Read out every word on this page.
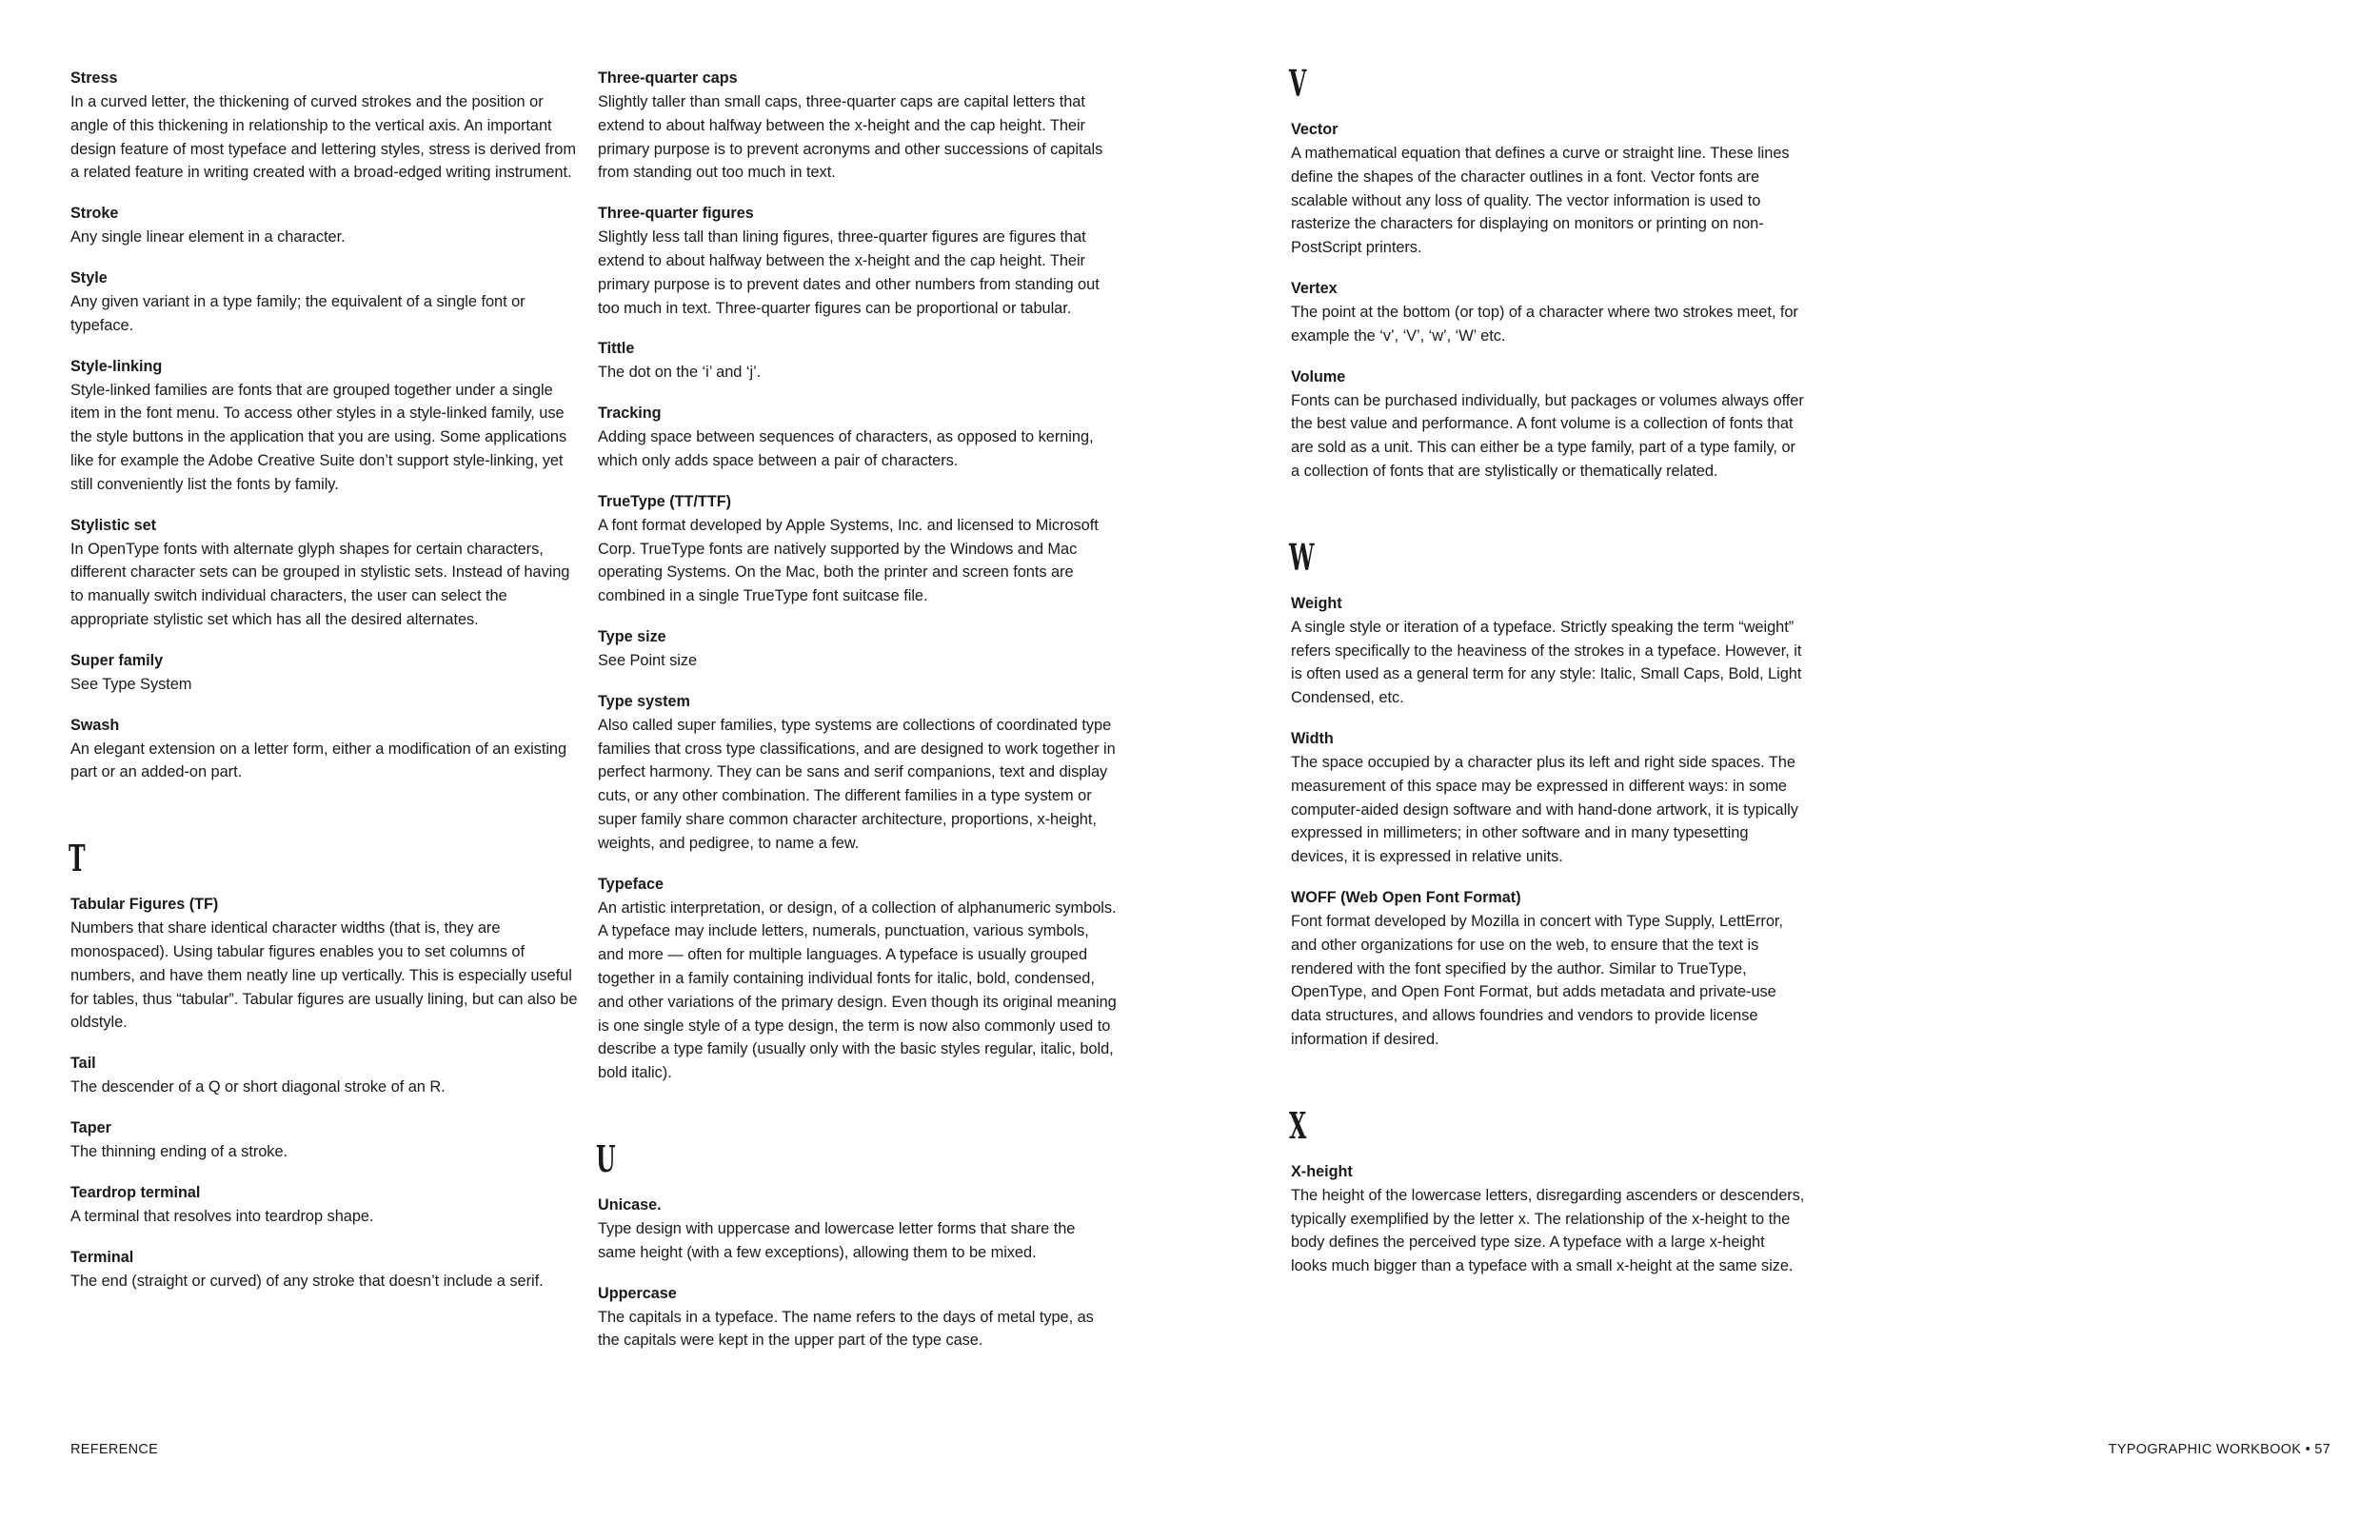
Stress
In a curved letter, the thickening of curved strokes and the position or angle of this thickening in relationship to the vertical axis. An important design feature of most typeface and lettering styles, stress is derived from a related feature in writing created with a broad-edged writing instrument.
Stroke
Any single linear element in a character.
Style
Any given variant in a type family; the equivalent of a single font or typeface.
Style-linking
Style-linked families are fonts that are grouped together under a single item in the font menu. To access other styles in a style-linked family, use the style buttons in the application that you are using. Some applications like for example the Adobe Creative Suite don’t support style-linking, yet still conveniently list the fonts by family.
Stylistic set
In OpenType fonts with alternate glyph shapes for certain characters, different character sets can be grouped in stylistic sets. Instead of having to manually switch individual characters, the user can select the appropriate stylistic set which has all the desired alternates.
Super family
See Type System
Swash
An elegant extension on a letter form, either a modification of an existing part or an added-on part.
T
Tabular Figures (TF)
Numbers that share identical character widths (that is, they are monospaced). Using tabular figures enables you to set columns of numbers, and have them neatly line up vertically. This is especially useful for tables, thus “tabular”. Tabular figures are usually lining, but can also be oldstyle.
Tail
The descender of a Q or short diagonal stroke of an R.
Taper
The thinning ending of a stroke.
Teardrop terminal
A terminal that resolves into teardrop shape.
Terminal
The end (straight or curved) of any stroke that doesn’t include a serif.
Three-quarter caps
Slightly taller than small caps, three-quarter caps are capital letters that extend to about halfway between the x-height and the cap height. Their primary purpose is to prevent acronyms and other successions of capitals from standing out too much in text.
Three-quarter figures
Slightly less tall than lining figures, three-quarter figures are figures that extend to about halfway between the x-height and the cap height. Their primary purpose is to prevent dates and other numbers from standing out too much in text. Three-quarter figures can be proportional or tabular.
Tittle
The dot on the ‘i’ and ‘j’.
Tracking
Adding space between sequences of characters, as opposed to kerning, which only adds space between a pair of characters.
TrueType (TT/TTF)
A font format developed by Apple Systems, Inc. and licensed to Microsoft Corp. TrueType fonts are natively supported by the Windows and Mac operating Systems. On the Mac, both the printer and screen fonts are combined in a single TrueType font suitcase file.
Type size
See Point size
Type system
Also called super families, type systems are collections of coordinated type families that cross type classifications, and are designed to work together in perfect harmony. They can be sans and serif companions, text and display cuts, or any other combination. The different families in a type system or super family share common character architecture, proportions, x-height, weights, and pedigree, to name a few.
Typeface
An artistic interpretation, or design, of a collection of alphanumeric symbols. A typeface may include letters, numerals, punctuation, various symbols, and more — often for multiple languages. A typeface is usually grouped together in a family containing individual fonts for italic, bold, condensed, and other variations of the primary design. Even though its original meaning is one single style of a type design, the term is now also commonly used to describe a type family (usually only with the basic styles regular, italic, bold, bold italic).
U
Unicase.
Type design with uppercase and lowercase letter forms that share the same height (with a few exceptions), allowing them to be mixed.
Uppercase
The capitals in a typeface. The name refers to the days of metal type, as the capitals were kept in the upper part of the type case.
V
Vector
A mathematical equation that defines a curve or straight line. These lines define the shapes of the character outlines in a font. Vector fonts are scalable without any loss of quality. The vector information is used to rasterize the characters for displaying on monitors or printing on non-PostScript printers.
Vertex
The point at the bottom (or top) of a character where two strokes meet, for example the ‘v’, ‘V’, ‘w’, ‘W’ etc.
Volume
Fonts can be purchased individually, but packages or volumes always offer the best value and performance. A font volume is a collection of fonts that are sold as a unit. This can either be a type family, part of a type family, or a collection of fonts that are stylistically or thematically related.
W
Weight
A single style or iteration of a typeface. Strictly speaking the term “weight” refers specifically to the heaviness of the strokes in a typeface. However, it is often used as a general term for any style: Italic, Small Caps, Bold, Light Condensed, etc.
Width
The space occupied by a character plus its left and right side spaces. The measurement of this space may be expressed in different ways: in some computer-aided design software and with hand-done artwork, it is typically expressed in millimeters; in other software and in many typesetting devices, it is expressed in relative units.
WOFF (Web Open Font Format)
Font format developed by Mozilla in concert with Type Supply, LettError, and other organizations for use on the web, to ensure that the text is rendered with the font specified by the author. Similar to TrueType, OpenType, and Open Font Format, but adds metadata and private-use data structures, and allows foundries and vendors to provide license information if desired.
X
X-height
The height of the lowercase letters, disregarding ascenders or descenders, typically exemplified by the letter x. The relationship of the x-height to the body defines the perceived type size. A typeface with a large x-height looks much bigger than a typeface with a small x-height at the same size.
REFERENCE	TYPOGRAPHIC WORKBOOK • 57
